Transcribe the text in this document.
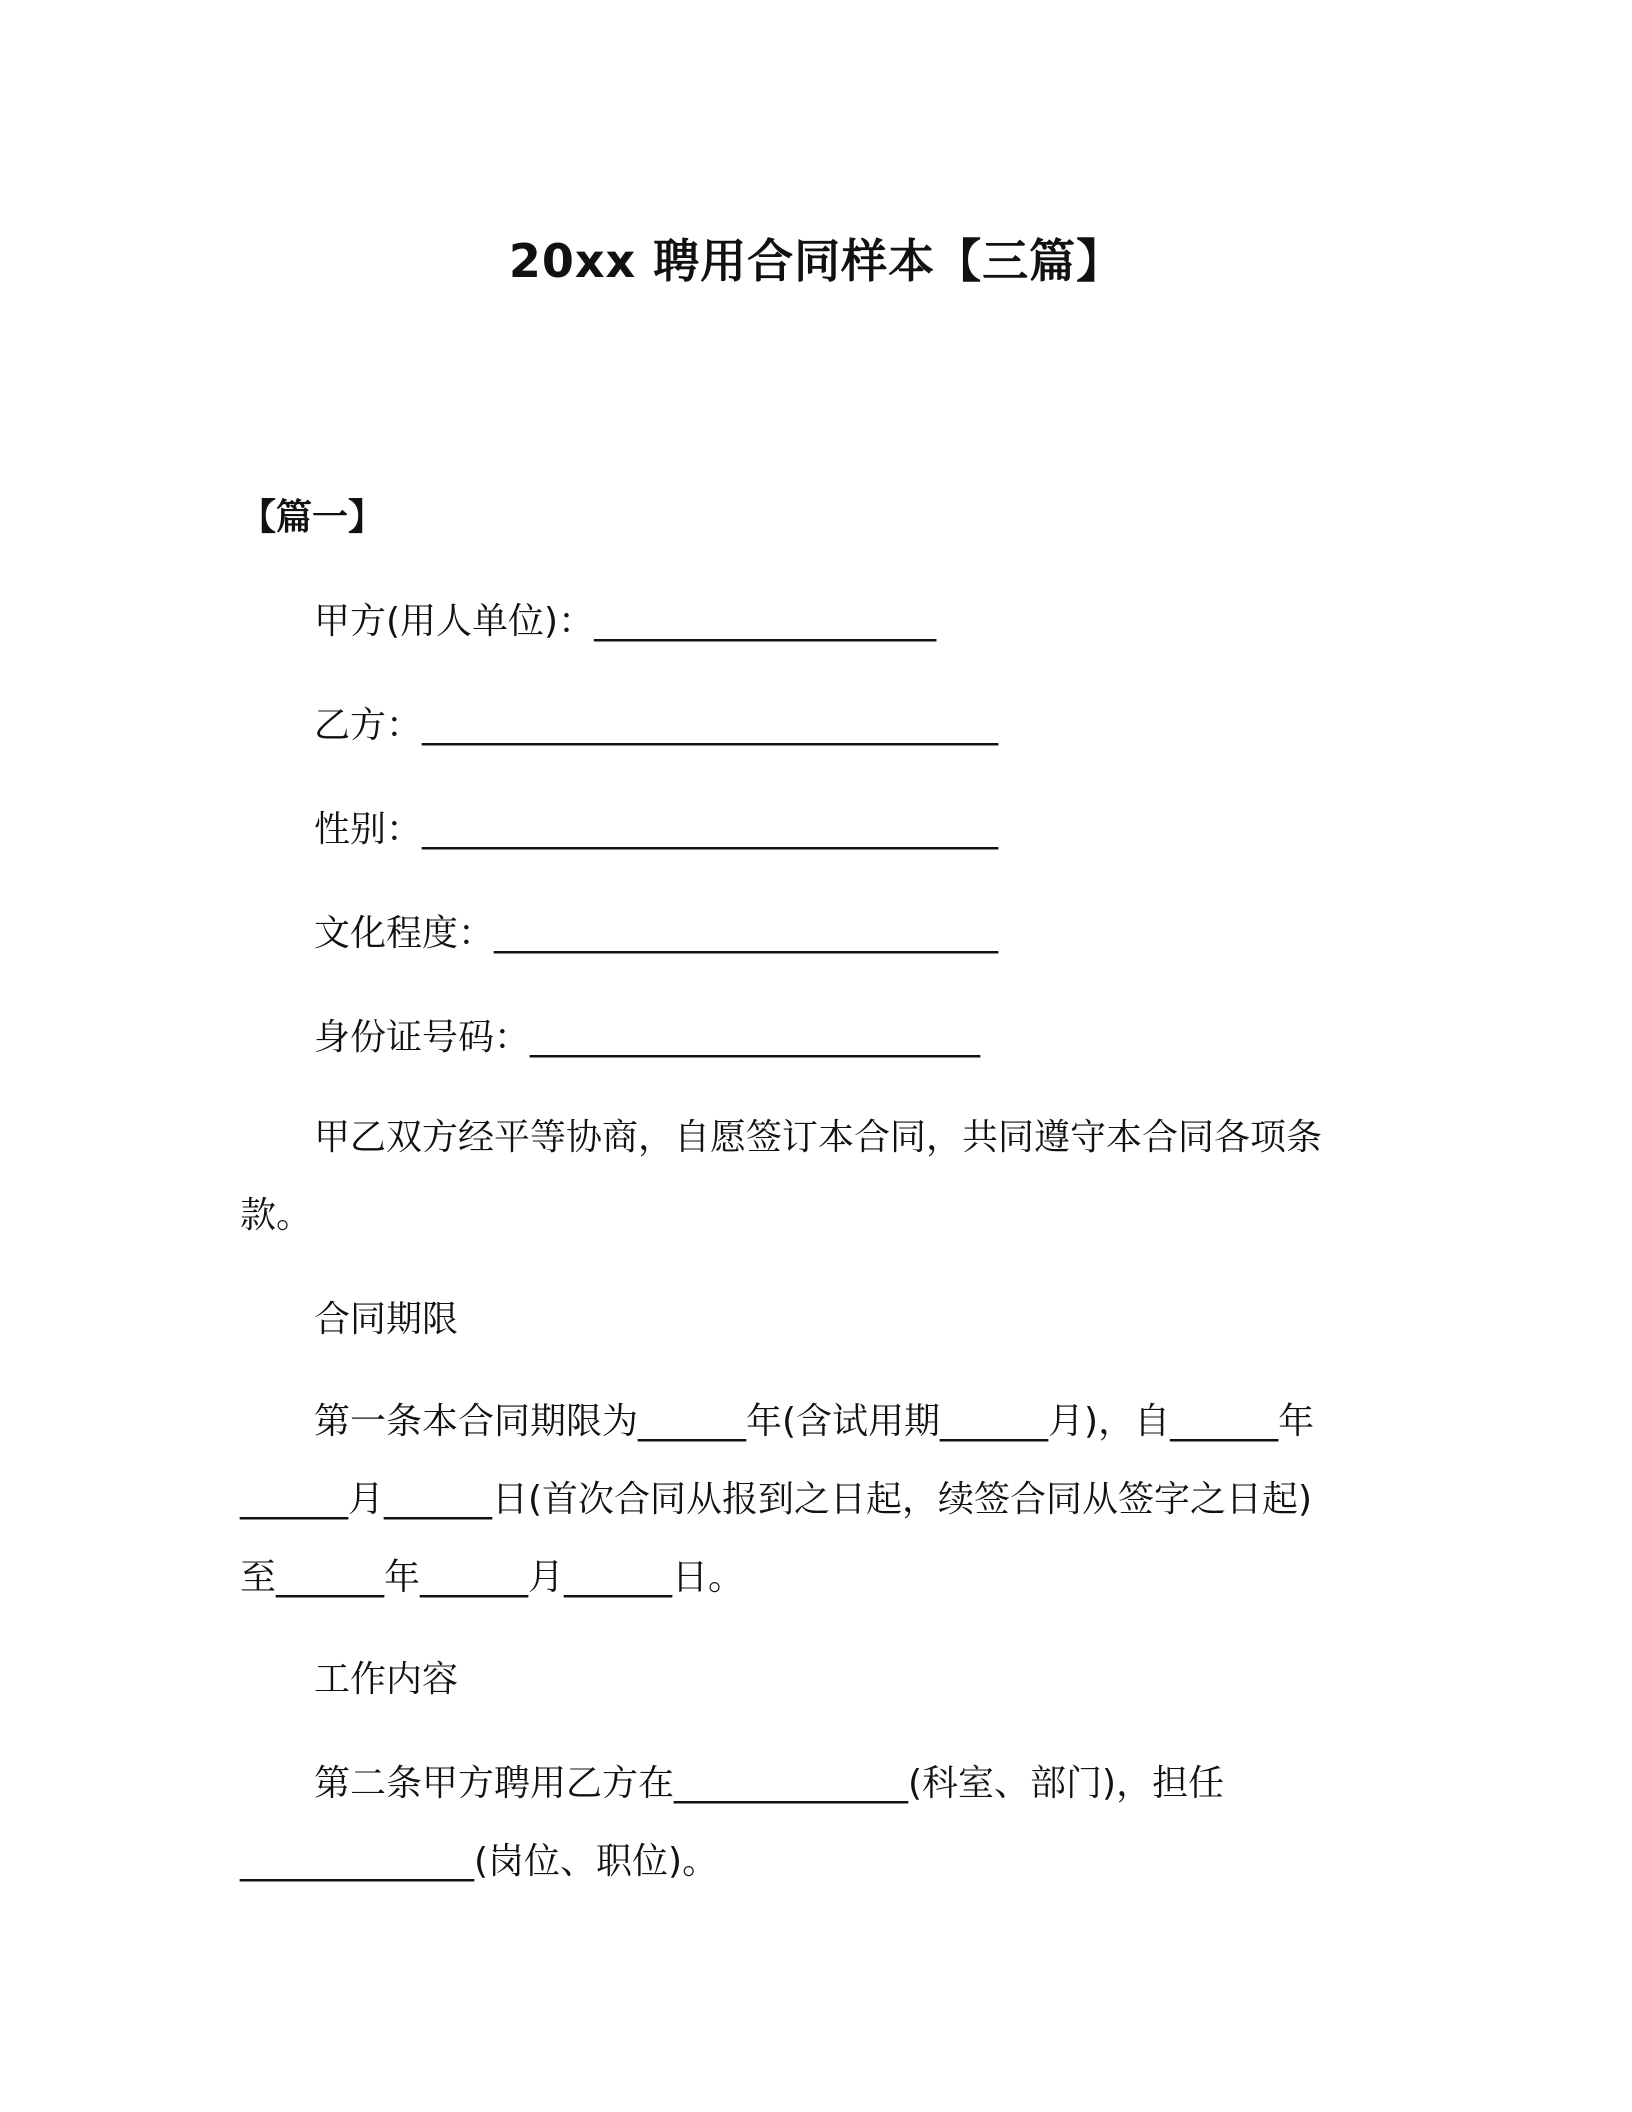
20xx 聘用合同样本【三篇】
【篇一】
甲方(用人单位)：___________________
乙方：________________________________
性别：________________________________
文化程度：____________________________
身份证号码：_________________________
甲乙双方经平等协商，自愿签订本合同，共同遵守本合同各项条
款。
合同期限
第一条本合同期限为______年(含试用期______月)，自______年
______月______日(首次合同从报到之日起，续签合同从签字之日起)
至______年______月______日。
工作内容
第二条甲方聘用乙方在_____________(科室、部门)，担任
_____________(岗位、职位)。
